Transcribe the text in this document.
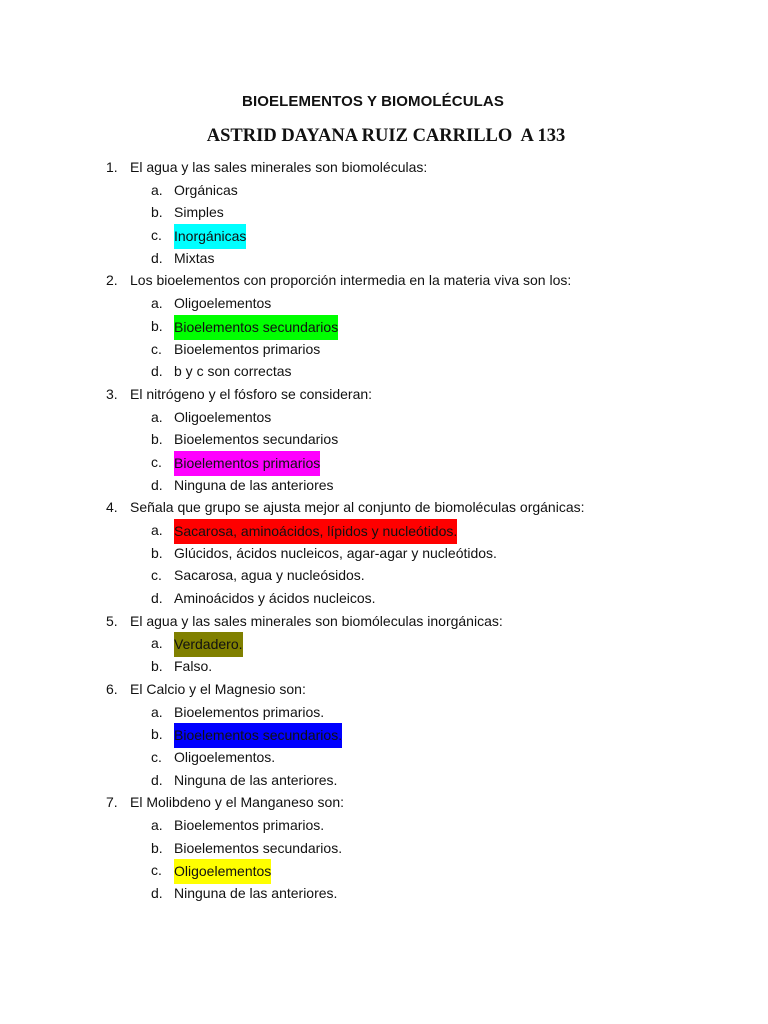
BIOELEMENTOS Y BIOMOLÉCULAS
ASTRID DAYANA RUIZ CARRILLO  A 133
1. El agua y las sales minerales son biomoléculas:
a. Orgánicas
b. Simples
c. Inorgánicas
d. Mixtas
2. Los bioelementos con proporción intermedia en la materia viva son los:
a. Oligoelementos
b. Bioelementos secundarios
c. Bioelementos primarios
d. b y c son correctas
3. El nitrógeno y el fósforo se consideran:
a. Oligoelementos
b. Bioelementos secundarios
c. Bioelementos primarios
d. Ninguna de las anteriores
4. Señala que grupo se ajusta mejor al conjunto de biomoléculas orgánicas:
a. Sacarosa, aminoácidos, lípidos y nucleótidos.
b. Glúcidos, ácidos nucleicos, agar-agar y nucleótidos.
c. Sacarosa, agua y nucleósidos.
d. Aminoácidos y ácidos nucleicos.
5. El agua y las sales minerales son biomóleculas inorgánicas:
a. Verdadero.
b. Falso.
6. El Calcio y el Magnesio son:
a. Bioelementos primarios.
b. Bioelementos secundarios.
c. Oligoelementos.
d. Ninguna de las anteriores.
7. El Molibdeno y el Manganeso son:
a. Bioelementos primarios.
b. Bioelementos secundarios.
c. Oligoelementos
d. Ninguna de las anteriores.
